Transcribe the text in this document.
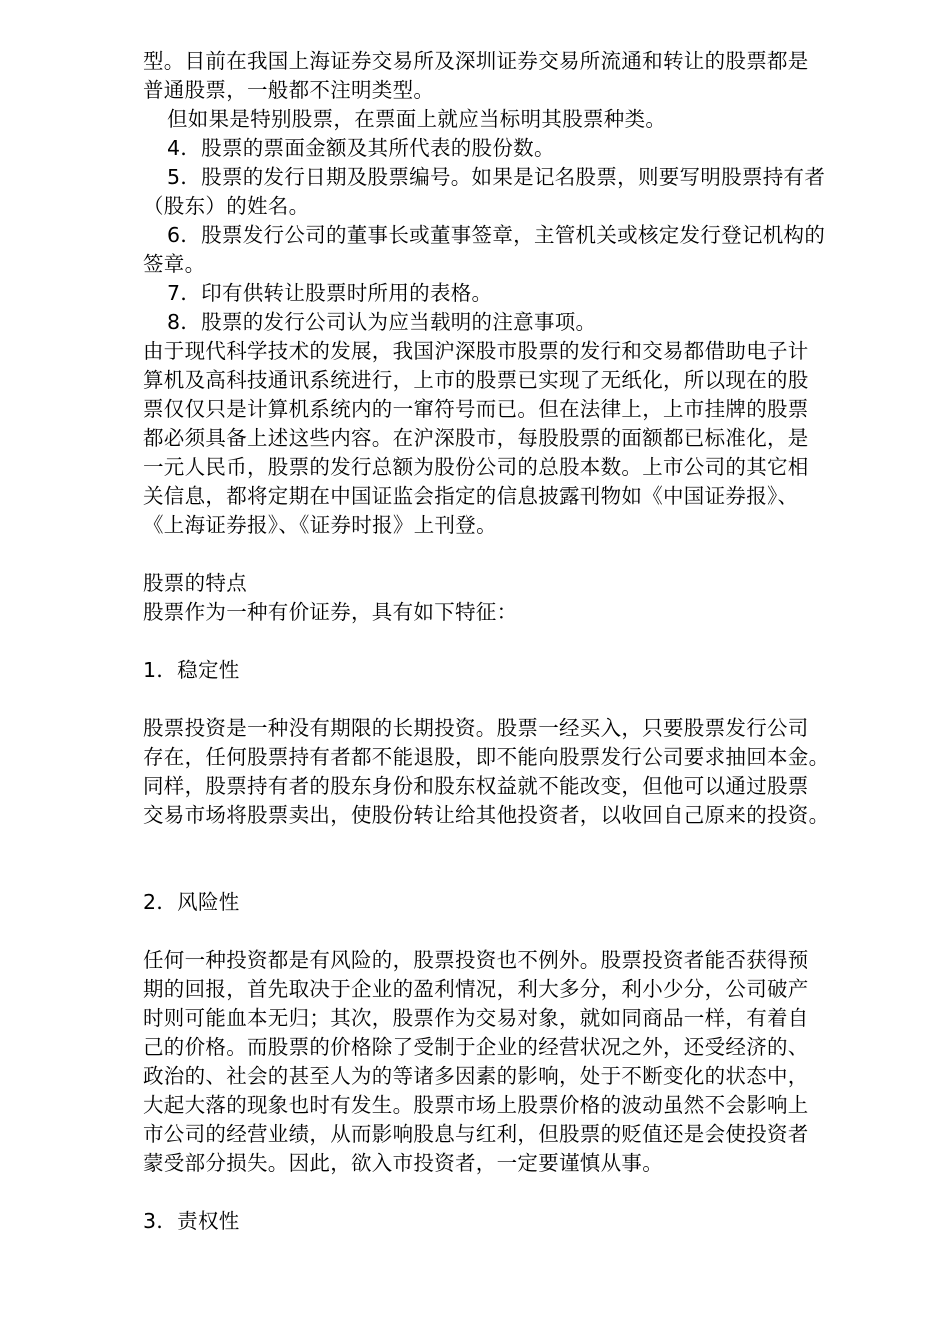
型。目前在我国上海证券交易所及深圳证券交易所流通和转让的股票都是
普通股票，一般都不注明类型。
但如果是特别股票，在票面上就应当标明其股票种类。
4．股票的票面金额及其所代表的股份数。
5．股票的发行日期及股票编号。如果是记名股票，则要写明股票持有者
（股东）的姓名。
6．股票发行公司的董事长或董事签章，主管机关或核定发行登记机构的
签章。
7．印有供转让股票时所用的表格。
8．股票的发行公司认为应当载明的注意事项。
由于现代科学技术的发展，我国沪深股市股票的发行和交易都借助电子计
算机及高科技通讯系统进行，上市的股票已实现了无纸化，所以现在的股
票仅仅只是计算机系统内的一窜符号而已。但在法律上，上市挂牌的股票
都必须具备上述这些内容。在沪深股市，每股股票的面额都已标准化，是
一元人民币，股票的发行总额为股份公司的总股本数。上市公司的其它相
关信息，都将定期在中国证监会指定的信息披露刊物如《中国证券报》、
《上海证券报》、《证券时报》上刊登。
股票的特点
股票作为一种有价证券，具有如下特征：
1．稳定性
股票投资是一种没有期限的长期投资。股票一经买入，只要股票发行公司
存在，任何股票持有者都不能退股，即不能向股票发行公司要求抽回本金。
同样，股票持有者的股东身份和股东权益就不能改变，但他可以通过股票
交易市场将股票卖出，使股份转让给其他投资者，以收回自己原来的投资。
2．风险性
任何一种投资都是有风险的，股票投资也不例外。股票投资者能否获得预
期的回报，首先取决于企业的盈利情况，利大多分，利小少分，公司破产
时则可能血本无归；其次，股票作为交易对象，就如同商品一样，有着自
己的价格。而股票的价格除了受制于企业的经营状况之外，还受经济的、
政治的、社会的甚至人为的等诸多因素的影响，处于不断变化的状态中，
大起大落的现象也时有发生。股票市场上股票价格的波动虽然不会影响上
市公司的经营业绩，从而影响股息与红利，但股票的贬值还是会使投资者
蒙受部分损失。因此，欲入市投资者，一定要谨慎从事。
3．责权性
